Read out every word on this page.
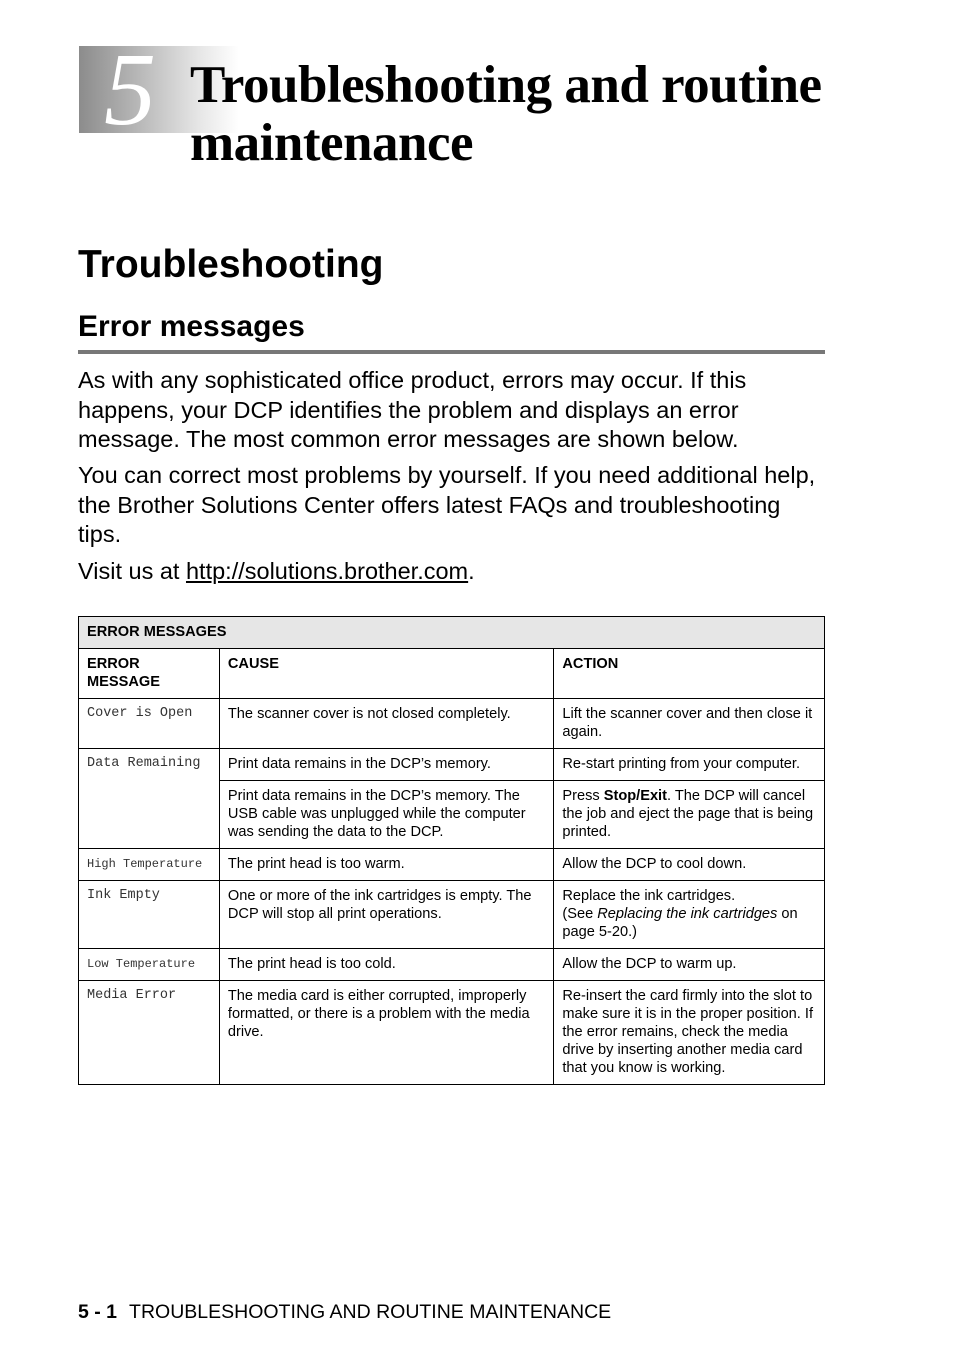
5 Troubleshooting and routine
maintenance
Troubleshooting
Error messages

As with any sophisticated office product, errors may occur. If this happens, your DCP identifies the problem and displays an error message. The most common error messages are shown below.

You can correct most problems by yourself. If you need additional help, the Brother Solutions Center offers latest FAQs and troubleshooting tips.

Visit us at http://solutions.brother.com.

ERROR MESSAGES		
ERROR MESSAGE	CAUSE	ACTION
Cover is Open	The scanner cover is not closed completely.	Lift the scanner cover and then close it again.
Data Remaining	Print data remains in the DCP’s memory.	Re-start printing from your computer.
	Print data remains in the DCP’s memory. The USB cable was unplugged while the computer was sending the data to the DCP.	Press Stop/Exit. The DCP will cancel the job and eject the page that is being printed.
High Temperature	The print head is too warm.	Allow the DCP to cool down.
Ink Empty	One or more of the ink cartridges is empty. The DCP will stop all print operations.	Replace the ink cartridges.
(See Replacing the ink cartridges on page 5-20.)
Low Temperature	The print head is too cold.	Allow the DCP to warm up.
Media Error	The media card is either corrupted, improperly formatted, or there is a problem with the media drive.	Re-insert the card firmly into the slot to make sure it is in the proper position. If the error remains, check the media drive by inserting another media card that you know is working.

5 - 1 TROUBLESHOOTING AND ROUTINE MAINTENANCE
